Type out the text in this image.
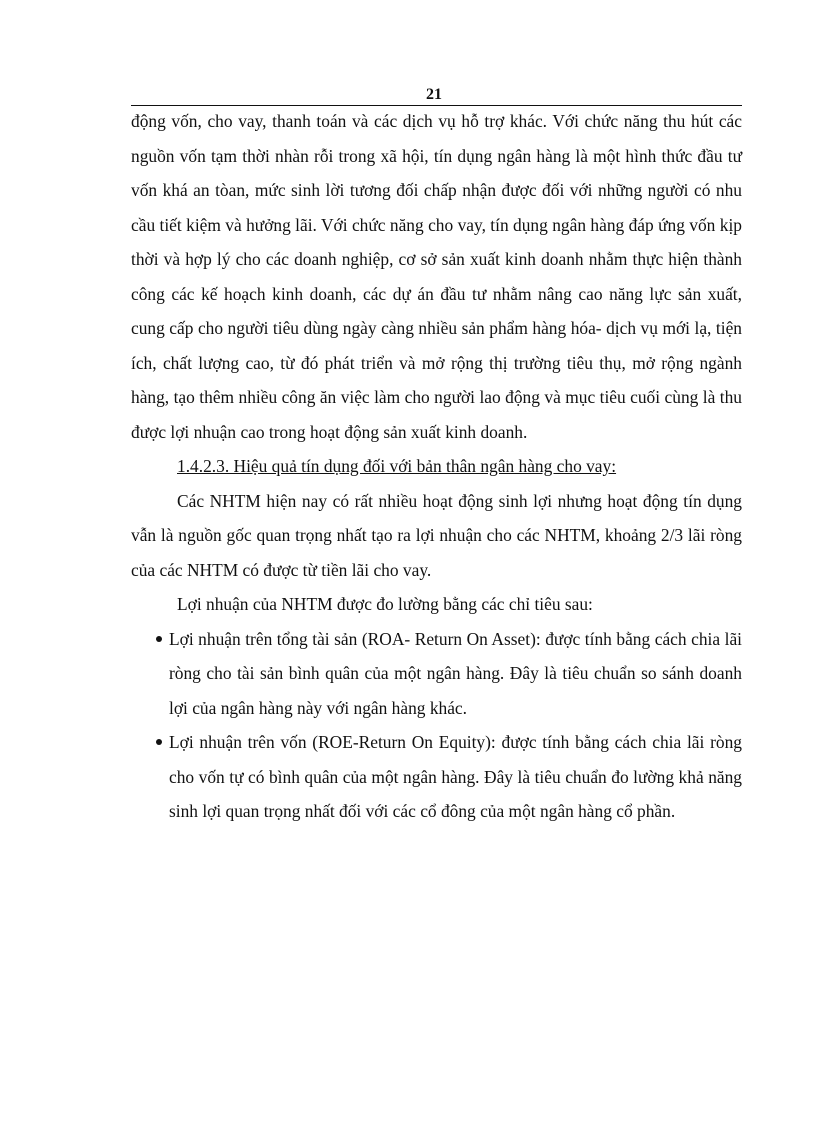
21

động vốn, cho vay, thanh toán và các dịch vụ hỗ trợ khác. Với chức năng thu hút các nguồn vốn tạm thời nhàn rỗi trong xã hội, tín dụng ngân hàng là một hình thức đầu tư vốn khá an tòan, mức sinh lời tương đối chấp nhận được đối với những người có nhu cầu tiết kiệm và hưởng lãi. Với chức năng cho vay, tín dụng ngân hàng đáp ứng vốn kịp thời và hợp lý cho các doanh nghiệp, cơ sở sản xuất kinh doanh nhằm thực hiện thành công các kế hoạch kinh doanh, các dự án đầu tư nhằm nâng cao năng lực sản xuất, cung cấp cho người tiêu dùng ngày càng nhiều sản phẩm hàng hóa- dịch vụ mới lạ, tiện ích, chất lượng cao, từ đó phát triển và mở rộng thị trường tiêu thụ, mở rộng ngành hàng, tạo thêm nhiều công ăn việc làm cho người lao động và mục tiêu cuối cùng là thu được lợi nhuận cao trong hoạt động sản xuất kinh doanh.

1.4.2.3. Hiệu quả tín dụng đối với bản thân ngân hàng cho vay:

Các NHTM hiện nay có rất nhiều hoạt động sinh lợi nhưng hoạt động tín dụng vẫn là nguồn gốc quan trọng nhất tạo ra lợi nhuận cho các NHTM, khoảng 2/3 lãi ròng của các NHTM có được từ tiền lãi cho vay.

Lợi nhuận của NHTM được đo lường bằng các chỉ tiêu sau:

Lợi nhuận trên tổng tài sản (ROA- Return On Asset): được tính bằng cách chia lãi ròng cho tài sản bình quân của một ngân hàng. Đây là tiêu chuẩn so sánh doanh lợi của ngân hàng này với ngân hàng khác.
Lợi nhuận trên vốn (ROE-Return On Equity): được tính bằng cách chia lãi ròng cho vốn tự có bình quân của một ngân hàng. Đây là tiêu chuẩn đo lường khả năng sinh lợi quan trọng nhất đối với các cổ đông của một ngân hàng cổ phần.
